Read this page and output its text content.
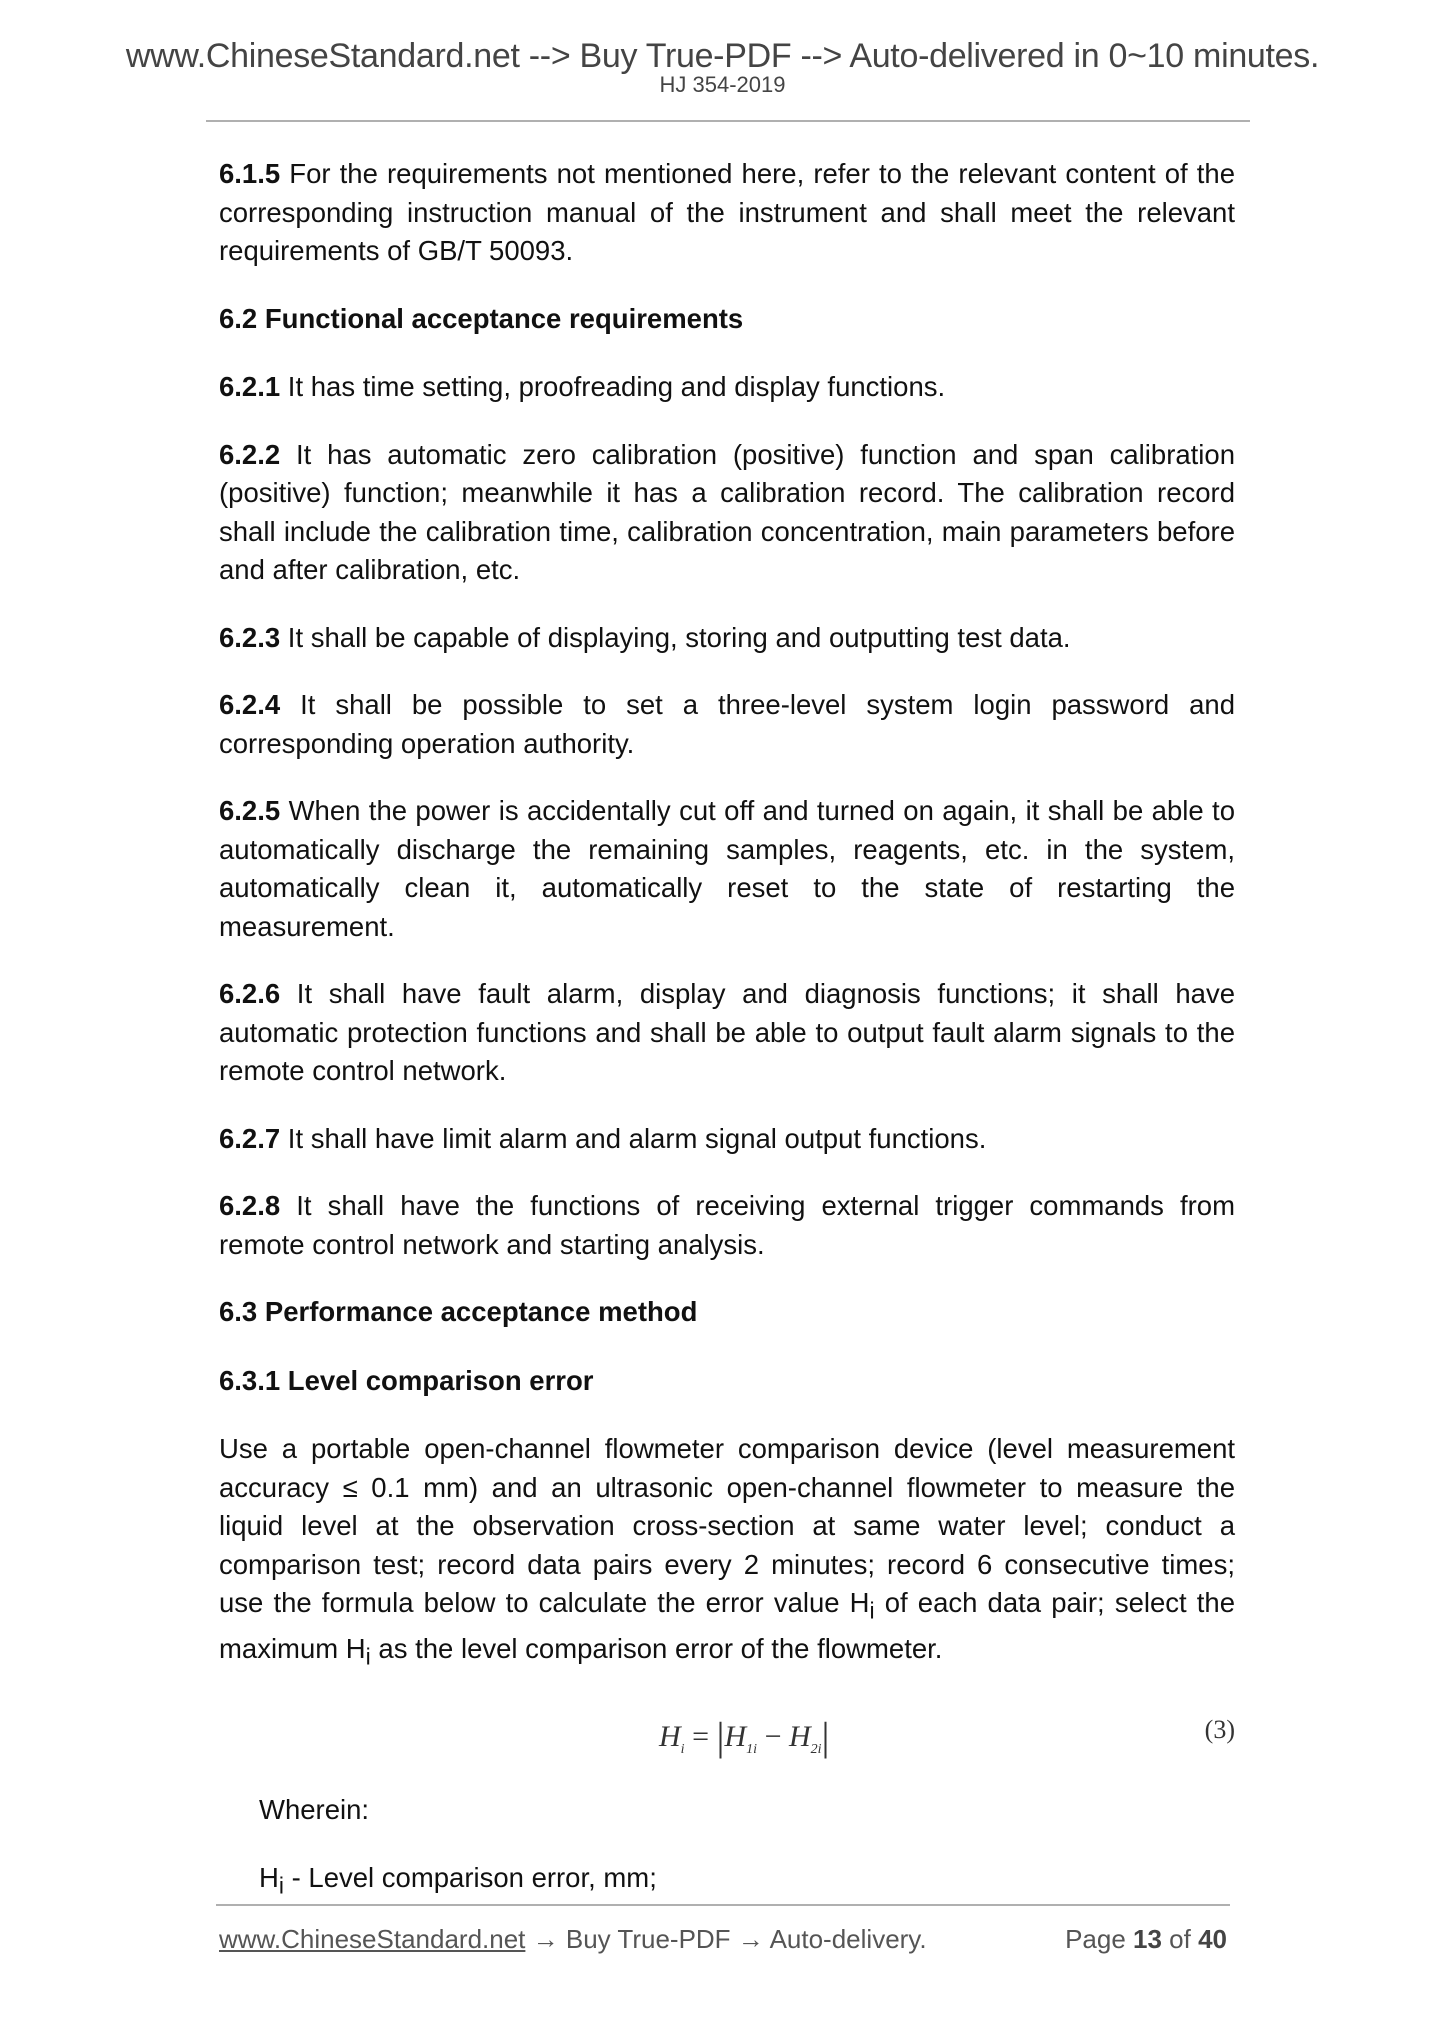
www.ChineseStandard.net --> Buy True-PDF --> Auto-delivered in 0~10 minutes.
HJ 354-2019

6.1.5 For the requirements not mentioned here, refer to the relevant content of the corresponding instruction manual of the instrument and shall meet the relevant requirements of GB/T 50093.

6.2 Functional acceptance requirements

6.2.1 It has time setting, proofreading and display functions.

6.2.2 It has automatic zero calibration (positive) function and span calibration (positive) function; meanwhile it has a calibration record. The calibration record shall include the calibration time, calibration concentration, main parameters before and after calibration, etc.

6.2.3 It shall be capable of displaying, storing and outputting test data.

6.2.4 It shall be possible to set a three-level system login password and corresponding operation authority.

6.2.5 When the power is accidentally cut off and turned on again, it shall be able to automatically discharge the remaining samples, reagents, etc. in the system, automatically clean it, automatically reset to the state of restarting the measurement.

6.2.6 It shall have fault alarm, display and diagnosis functions; it shall have automatic protection functions and shall be able to output fault alarm signals to the remote control network.

6.2.7 It shall have limit alarm and alarm signal output functions.

6.2.8 It shall have the functions of receiving external trigger commands from remote control network and starting analysis.

6.3 Performance acceptance method
6.3.1 Level comparison error

Use a portable open-channel flowmeter comparison device (level measurement accuracy ≤ 0.1 mm) and an ultrasonic open-channel flowmeter to measure the liquid level at the observation cross-section at same water level; conduct a comparison test; record data pairs every 2 minutes; record 6 consecutive times; use the formula below to calculate the error value $H_i$ of each data pair; select the maximum $H_i$ as the level comparison error of the flowmeter.

$H_i = |H_{1i} - H_{2i}|$	(3)

Wherein:

$H_i$ - Level comparison error, mm;

www.ChineseStandard.net → Buy True-PDF → Auto-delivery.	Page 13 of 40
